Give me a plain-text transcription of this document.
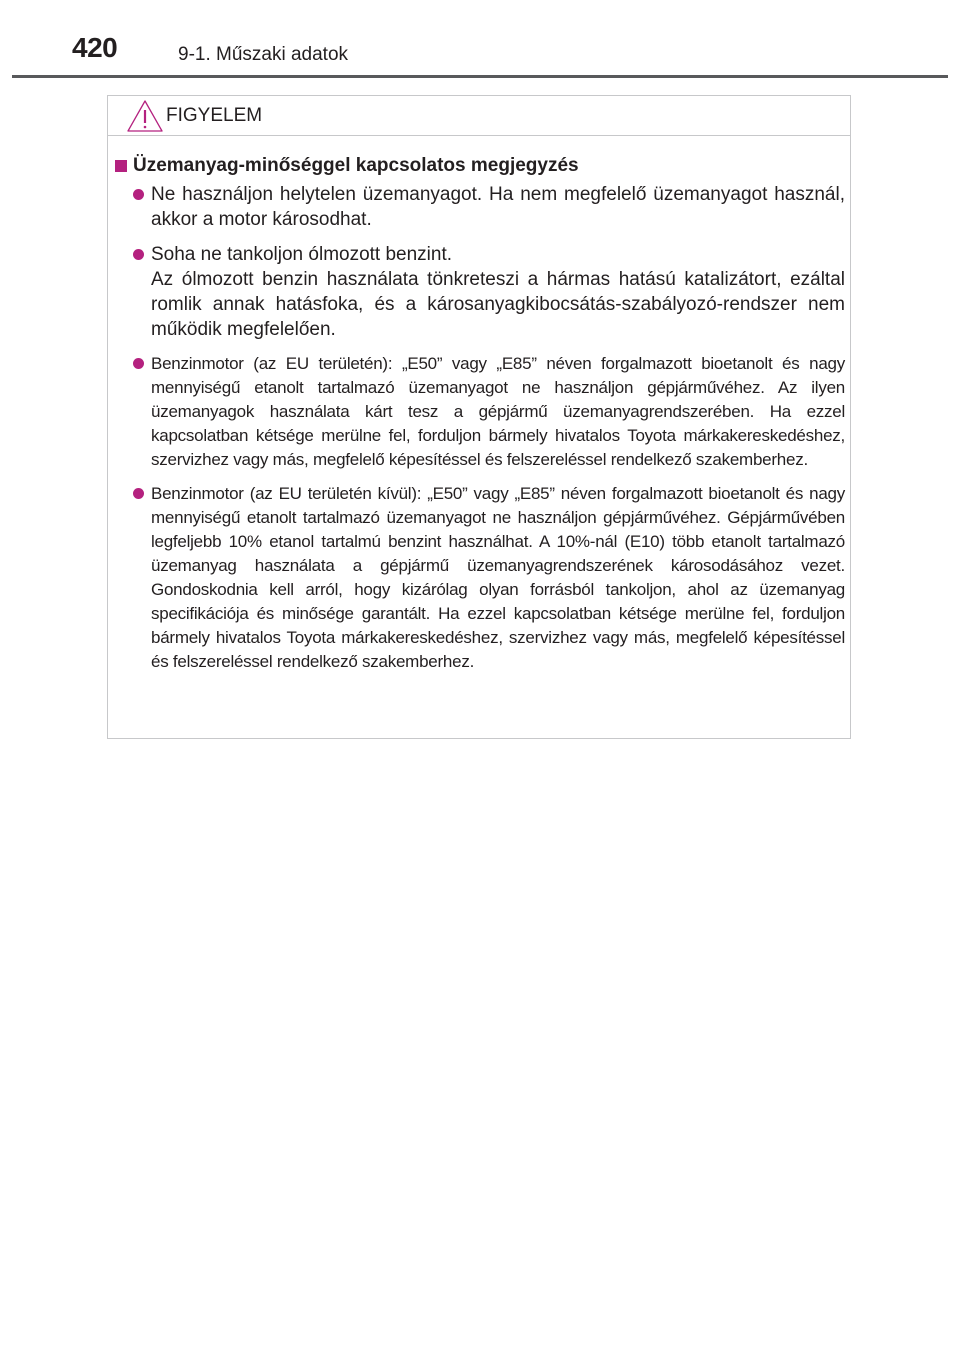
420	9-1. Műszaki adatok
FIGYELEM
Üzemanyag-minőséggel kapcsolatos megjegyzés
Ne használjon helytelen üzemanyagot. Ha nem megfelelő üzemanyagot használ, akkor a motor károsodhat.
Soha ne tankoljon ólmozott benzint.
Az ólmozott benzin használata tönkreteszi a hármas hatású katalizátort, ezáltal romlik annak hatásfoka, és a károsanyagkibocsátás-szabályozó-rendszer nem működik megfelelően.
Benzinmotor (az EU területén): „E50” vagy „E85” néven forgalmazott bioetanolt és nagy mennyiségű etanolt tartalmazó üzemanyagot ne használjon gépjárművéhez. Az ilyen üzemanyagok használata kárt tesz a gépjármű üzemanyagrendszerében. Ha ezzel kapcsolatban kétsége merülne fel, forduljon bármely hivatalos Toyota márkakereskedéshez, szervizhez vagy más, megfelelő képesítéssel és felszereléssel rendelkező szakemberhez.
Benzinmotor (az EU területén kívül): „E50” vagy „E85” néven forgalmazott bioetanolt és nagy mennyiségű etanolt tartalmazó üzemanyagot ne használjon gépjárművéhez. Gépjárművében legfeljebb 10% etanol tartalmú benzint használhat. A 10%-nál (E10) több etanolt tartalmazó üzemanyag használata a gépjármű üzemanyagrendszerének károsodásához vezet. Gondoskodnia kell arról, hogy kizárólag olyan forrásból tankoljon, ahol az üzemanyag specifikációja és minősége garantált. Ha ezzel kapcsolatban kétsége merülne fel, forduljon bármely hivatalos Toyota márkakereskedéshez, szervizhez vagy más, megfelelő képesítéssel és felszereléssel rendelkező szakemberhez.
